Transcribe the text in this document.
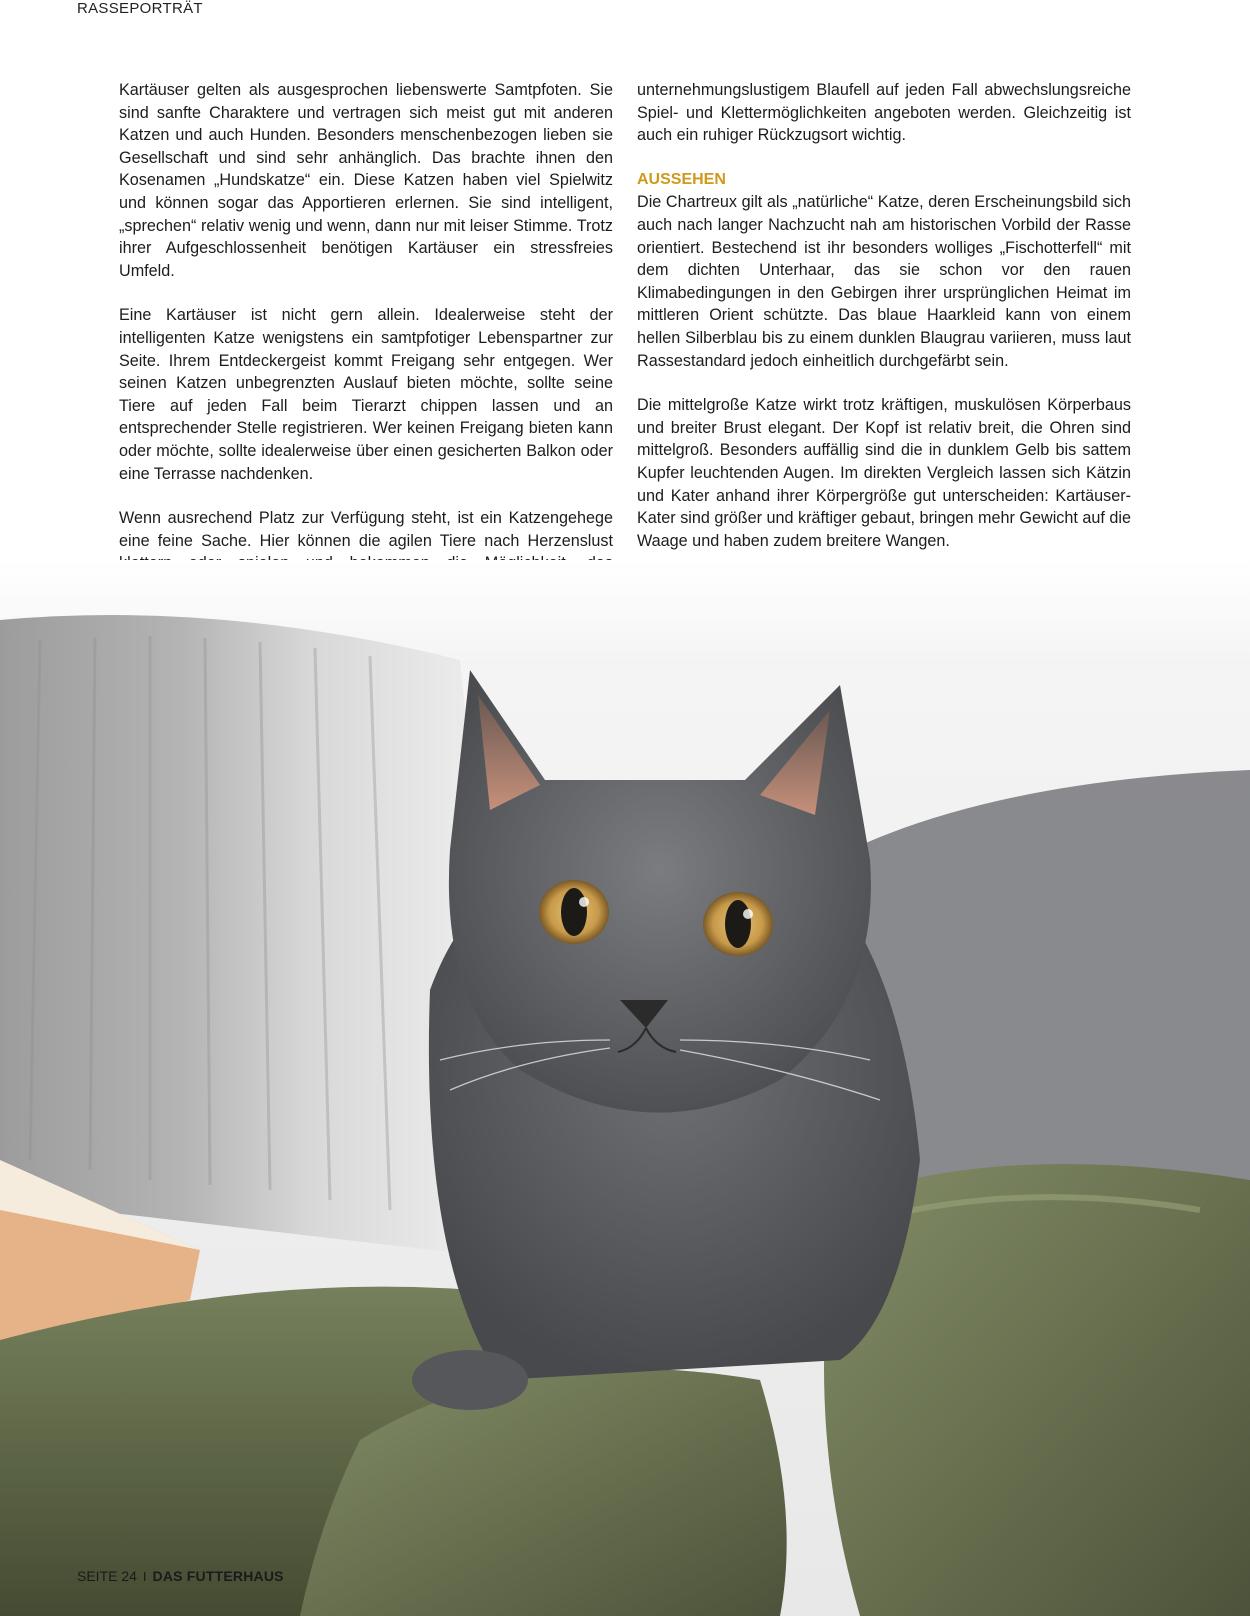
RASSEPORTRÄT

Kartäuser gelten als ausgesprochen liebenswerte Samtpfoten. Sie sind sanfte Charaktere und vertragen sich meist gut mit anderen Katzen und auch Hunden. Besonders menschenbezogen lieben sie Gesellschaft und sind sehr anhänglich. Das brachte ihnen den Kosenamen „Hundskatze“ ein. Diese Katzen haben viel Spielwitz und können sogar das Apportieren erlernen. Sie sind intelligent, „sprechen“ relativ wenig und wenn, dann nur mit leiser Stimme. Trotz ihrer Aufgeschlossenheit benötigen Kartäuser ein stressfreies Umfeld.

Eine Kartäuser ist nicht gern allein. Idealerweise steht der intelligenten Katze wenigstens ein samtpfotiger Lebenspartner zur Seite. Ihrem Entdeckergeist kommt Freigang sehr entgegen. Wer seinen Katzen unbegrenzten Auslauf bieten möchte, sollte seine Tiere auf jeden Fall beim Tierarzt chippen lassen und an entsprechender Stelle registrieren. Wer keinen Freigang bieten kann oder möchte, sollte idealerweise über einen gesicherten Balkon oder eine Terrasse nachdenken.

Wenn ausrechend Platz zur Verfügung steht, ist ein Katzengehege eine feine Sache. Hier können die agilen Tiere nach Herzenslust

unternehmungslustigem Blaufell auf jeden Fall abwechslungsreiche Spiel- und Klettermöglichkeiten angeboten werden. Gleichzeitig ist auch ein ruhiger Rückzugsort wichtig.

AUSSEHEN

Die Chartreux gilt als „natürliche“ Katze, deren Erscheinungsbild sich auch nach langer Nachzucht nah am historischen Vorbild der Rasse orientiert. Bestechend ist ihr besonders wolliges „Fischotterfell“ mit dem dichten Unterhaar, das sie schon vor den rauen Klimabedingungen in den Gebirgen ihrer ursprünglichen Heimat im mittleren Orient schützte. Das blaue Haarkleid kann von einem hellen Silberblau bis zu einem dunklen Blaugrau variieren, muss laut Rassestandard jedoch einheitlich durchgefärbt sein.

Die mittelgroße Katze wirkt trotz kräftigen, muskulösen Körperbaus und breiter Brust elegant. Der Kopf ist relativ breit, die Ohren sind mittelgroß. Besonders auffällig sind die in dunklem Gelb bis sattem Kupfer leuchtenden Augen. Im direkten Vergleich lassen sich Kätzin und Kater anhand ihrer Körpergröße gut unterscheiden: Kartäuser-Kater sind größer und kräftiger gebaut, bringen mehr Gewicht auf die Waage und haben zudem breitere Wangen.

SEITE 24 I DAS FUTTERHAUS
